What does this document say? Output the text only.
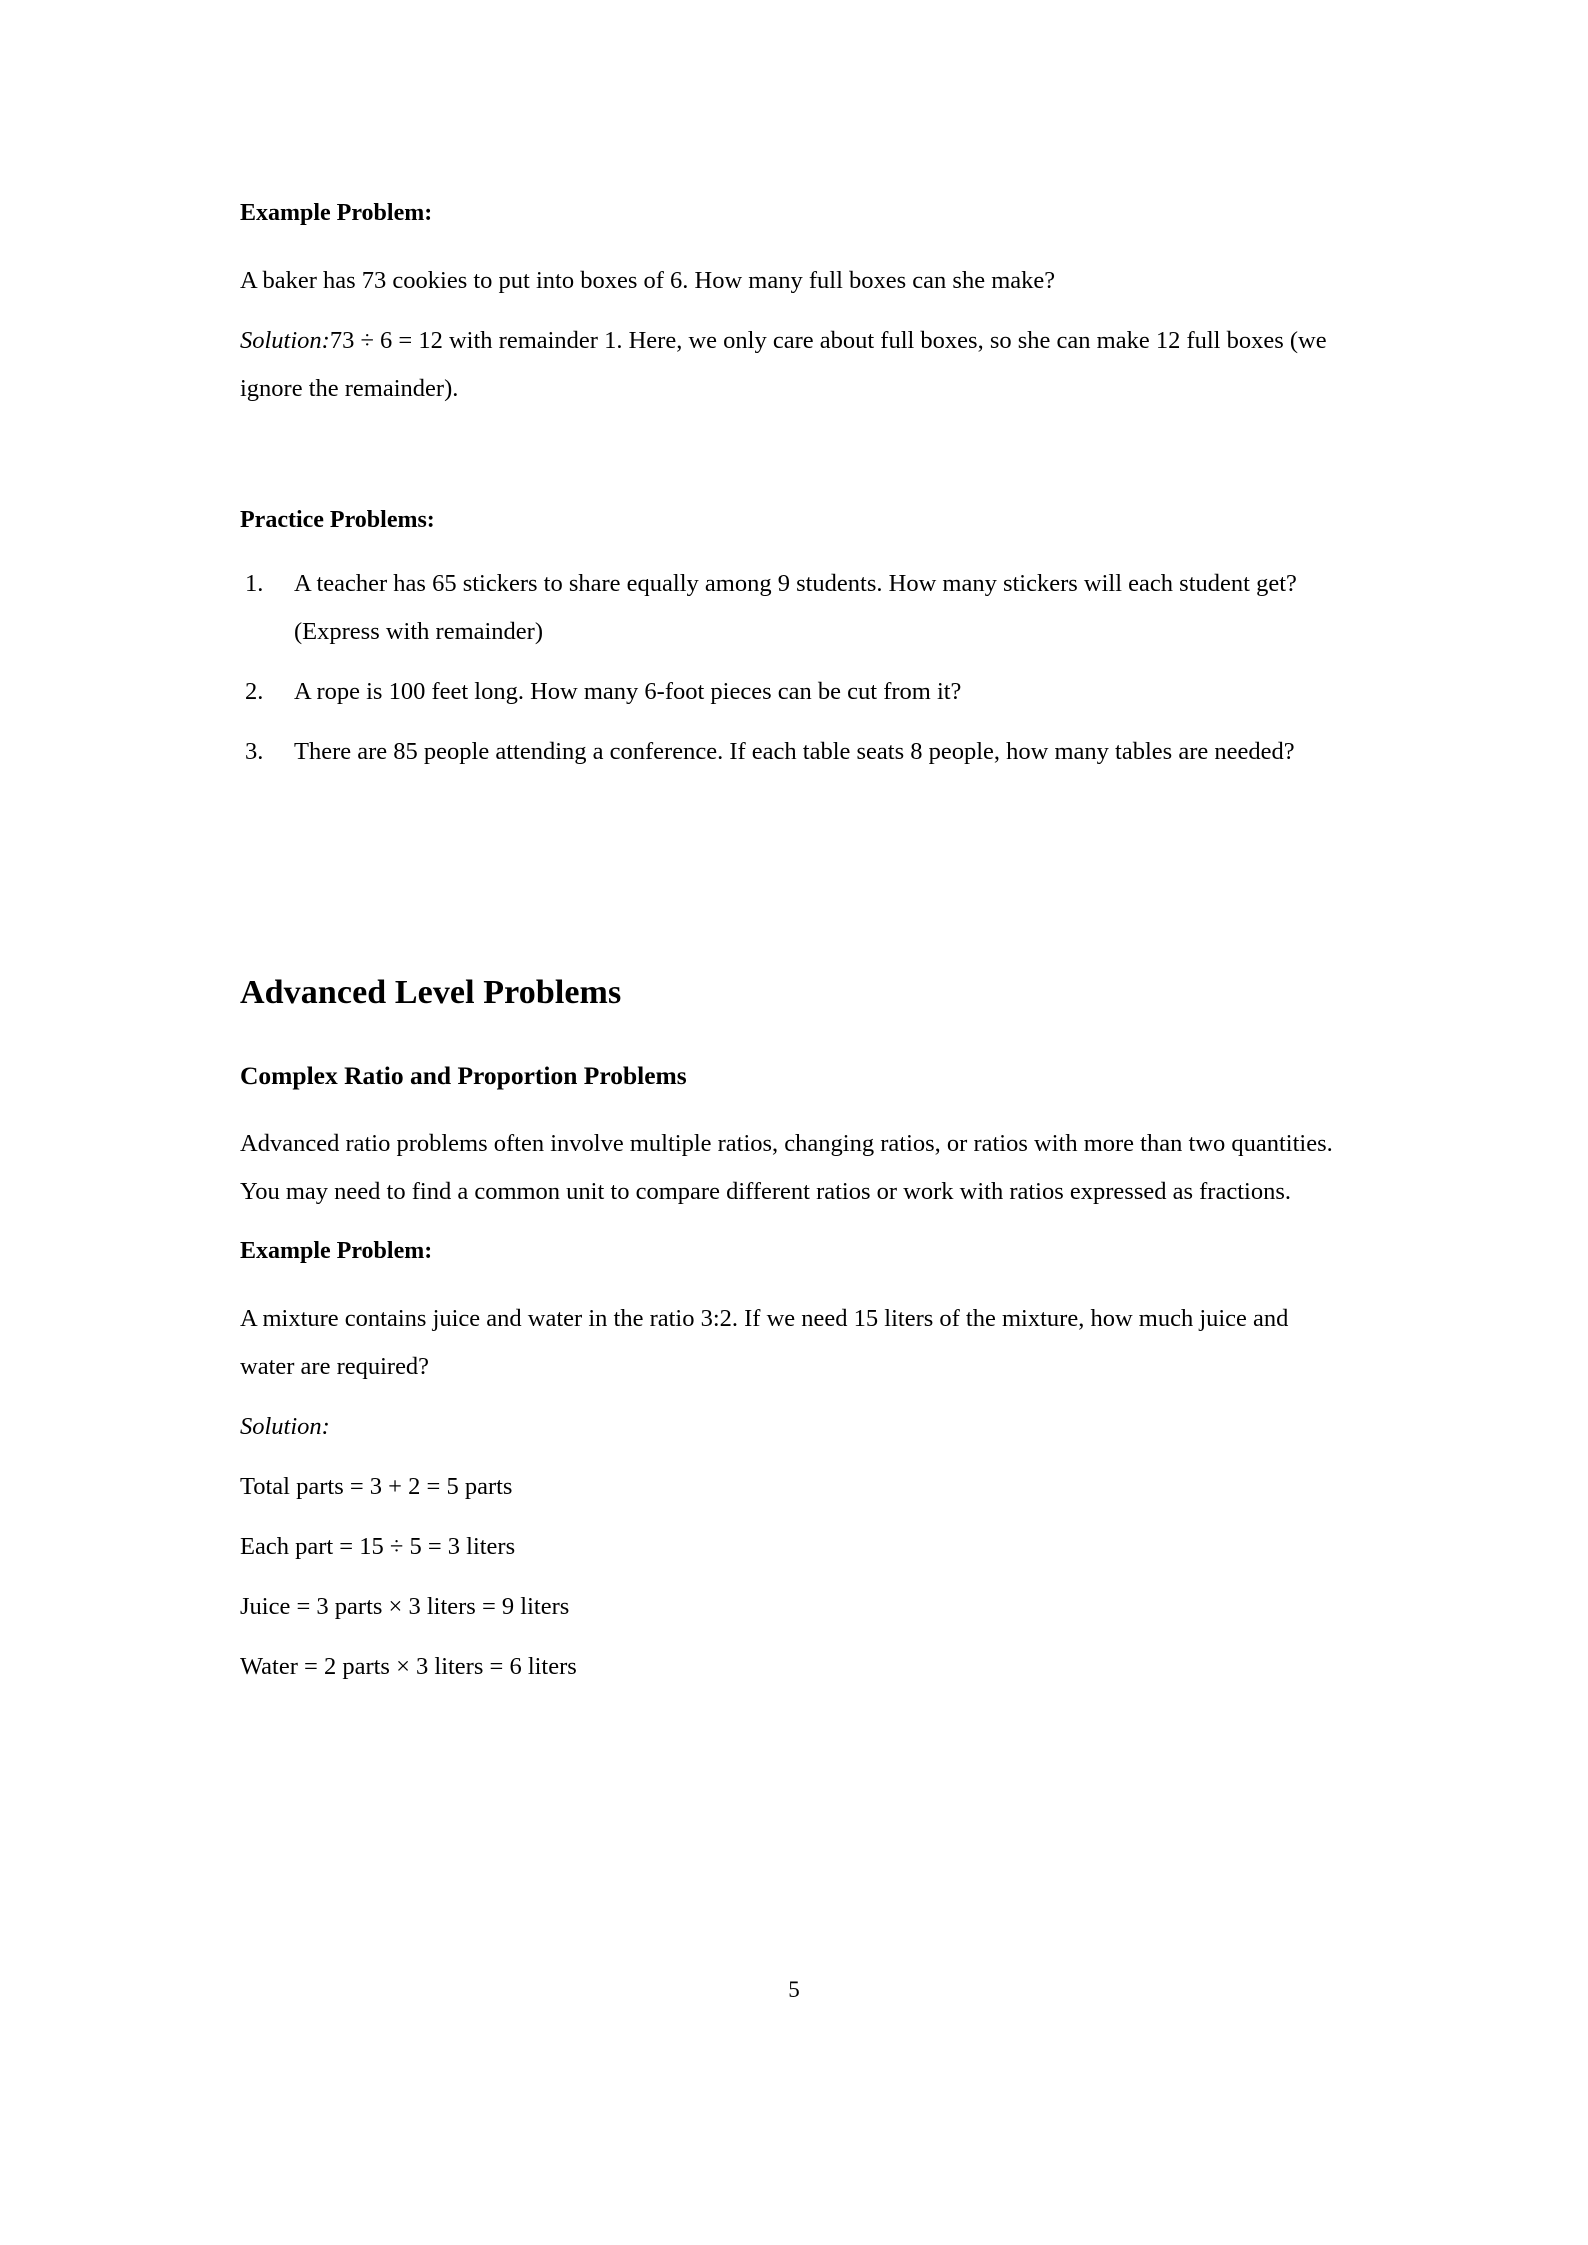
Example Problem:
A baker has 73 cookies to put into boxes of 6. How many full boxes can she make?
Solution:73 ÷ 6 = 12 with remainder 1. Here, we only care about full boxes, so she can make 12 full boxes (we ignore the remainder).
Practice Problems:
A teacher has 65 stickers to share equally among 9 students. How many stickers will each student get? (Express with remainder)
A rope is 100 feet long. How many 6-foot pieces can be cut from it?
There are 85 people attending a conference. If each table seats 8 people, how many tables are needed?
Advanced Level Problems
Complex Ratio and Proportion Problems
Advanced ratio problems often involve multiple ratios, changing ratios, or ratios with more than two quantities. You may need to find a common unit to compare different ratios or work with ratios expressed as fractions.
Example Problem:
A mixture contains juice and water in the ratio 3:2. If we need 15 liters of the mixture, how much juice and water are required?
Solution:
Total parts = 3 + 2 = 5 parts
Each part = 15 ÷ 5 = 3 liters
Juice = 3 parts × 3 liters = 9 liters
Water = 2 parts × 3 liters = 6 liters
5
